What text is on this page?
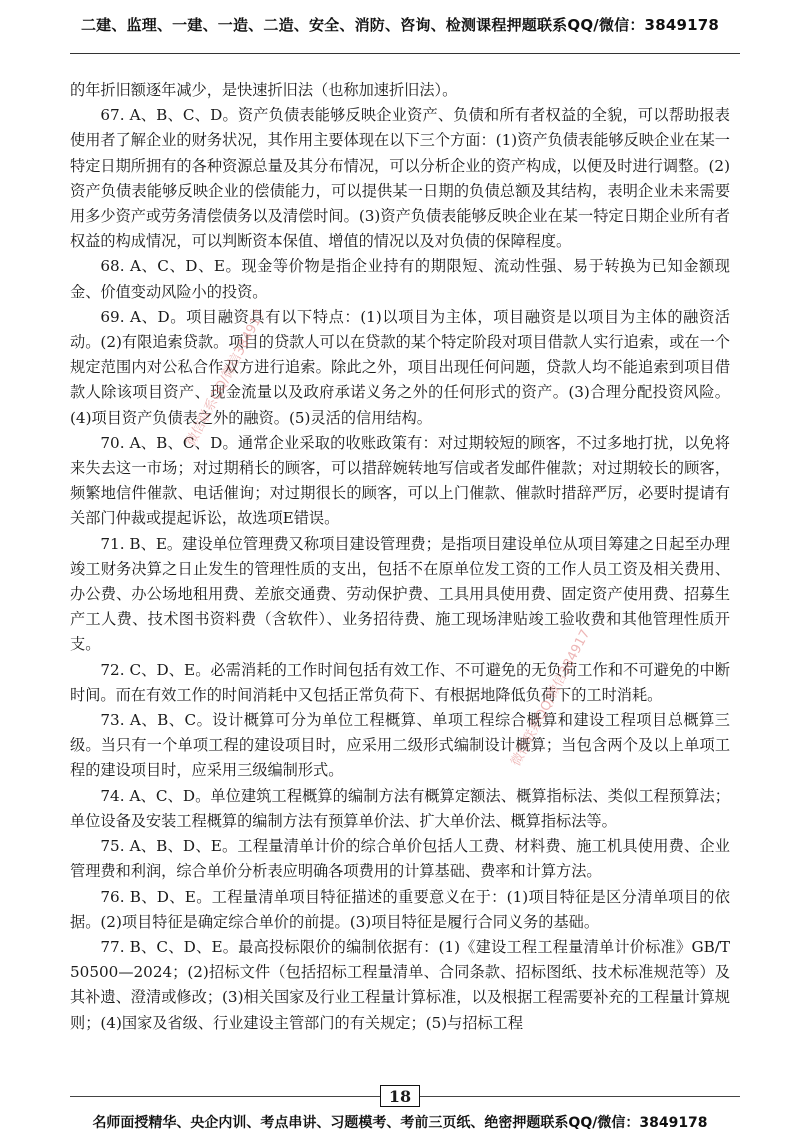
二建、监理、一建、一造、二造、安全、消防、咨询、检测课程押题联系QQ/微信：3849178

的年折旧额逐年减少，是快速折旧法（也称加速折旧法）。

67. A、B、C、D。资产负债表能够反映企业资产、负债和所有者权益的全貌，可以帮助报表使用者了解企业的财务状况，其作用主要体现在以下三个方面：(1)资产负债表能够反映企业在某一特定日期所拥有的各种资源总量及其分布情况，可以分析企业的资产构成，以便及时进行调整。(2)资产负债表能够反映企业的偿债能力，可以提供某一日期的负债总额及其结构，表明企业未来需要用多少资产或劳务清偿债务以及清偿时间。(3)资产负债表能够反映企业在某一特定日期企业所有者权益的构成情况，可以判断资本保值、增值的情况以及对负债的保障程度。

68. A、C、D、E。现金等价物是指企业持有的期限短、流动性强、易于转换为已知金额现金、价值变动风险小的投资。

69. A、D。项目融资具有以下特点：(1)以项目为主体，项目融资是以项目为主体的融资活动。(2)有限追索贷款。项目的贷款人可以在贷款的某个特定阶段对项目借款人实行追索，或在一个规定范围内对公私合作双方进行追索。除此之外，项目出现任何问题，贷款人均不能追索到项目借款人除该项目资产、现金流量以及政府承诺义务之外的任何形式的资产。(3)合理分配投资风险。(4)项目资产负债表之外的融资。(5)灵活的信用结构。

70. A、B、C、D。通常企业采取的收账政策有：对过期较短的顾客，不过多地打扰，以免将来失去这一市场；对过期稍长的顾客，可以措辞婉转地写信或者发邮件催款；对过期较长的顾客，频繁地信件催款、电话催询；对过期很长的顾客，可以上门催款、催款时措辞严厉，必要时提请有关部门仲裁或提起诉讼，故选项E错误。

71. B、E。建设单位管理费又称项目建设管理费；是指项目建设单位从项目筹建之日起至办理竣工财务决算之日止发生的管理性质的支出，包括不在原单位发工资的工作人员工资及相关费用、办公费、办公场地租用费、差旅交通费、劳动保护费、工具用具使用费、固定资产使用费、招募生产工人费、技术图书资料费（含软件）、业务招待费、施工现场津贴竣工验收费和其他管理性质开支。

72. C、D、E。必需消耗的工作时间包括有效工作、不可避免的无负荷工作和不可避免的中断时间。而在有效工作的时间消耗中又包括正常负荷下、有根据地降低负荷下的工时消耗。

73. A、B、C。设计概算可分为单位工程概算、单项工程综合概算和建设工程项目总概算三级。当只有一个单项工程的建设项目时，应采用二级形式编制设计概算；当包含两个及以上单项工程的建设项目时，应采用三级编制形式。

74. A、C、D。单位建筑工程概算的编制方法有概算定额法、概算指标法、类似工程预算法；单位设备及安装工程概算的编制方法有预算单价法、扩大单价法、概算指标法等。

75. A、B、D、E。工程量清单计价的综合单价包括人工费、材料费、施工机具使用费、企业管理费和利润，综合单价分析表应明确各项费用的计算基础、费率和计算方法。

76. B、D、E。工程量清单项目特征描述的重要意义在于：(1)项目特征是区分清单项目的依据。(2)项目特征是确定综合单价的前提。(3)项目特征是履行合同义务的基础。

77. B、C、D、E。最高投标限价的编制依据有：(1)《建设工程工程量清单计价标准》GB/T 50500—2024；(2)招标文件（包括招标工程量清单、合同条款、招标图纸、技术标准规范等）及其补遗、澄清或修改；(3)相关国家及行业工程量计算标准，以及根据工程需要补充的工程量计算规则；(4)国家及省级、行业建设主管部门的有关规定；(5)与招标工程

微信联系QQ/微信384917
微信联系QQ/微信384917
18
名师面授精华、央企内训、考点串讲、习题模考、考前三页纸、绝密押题联系QQ/微信：3849178
